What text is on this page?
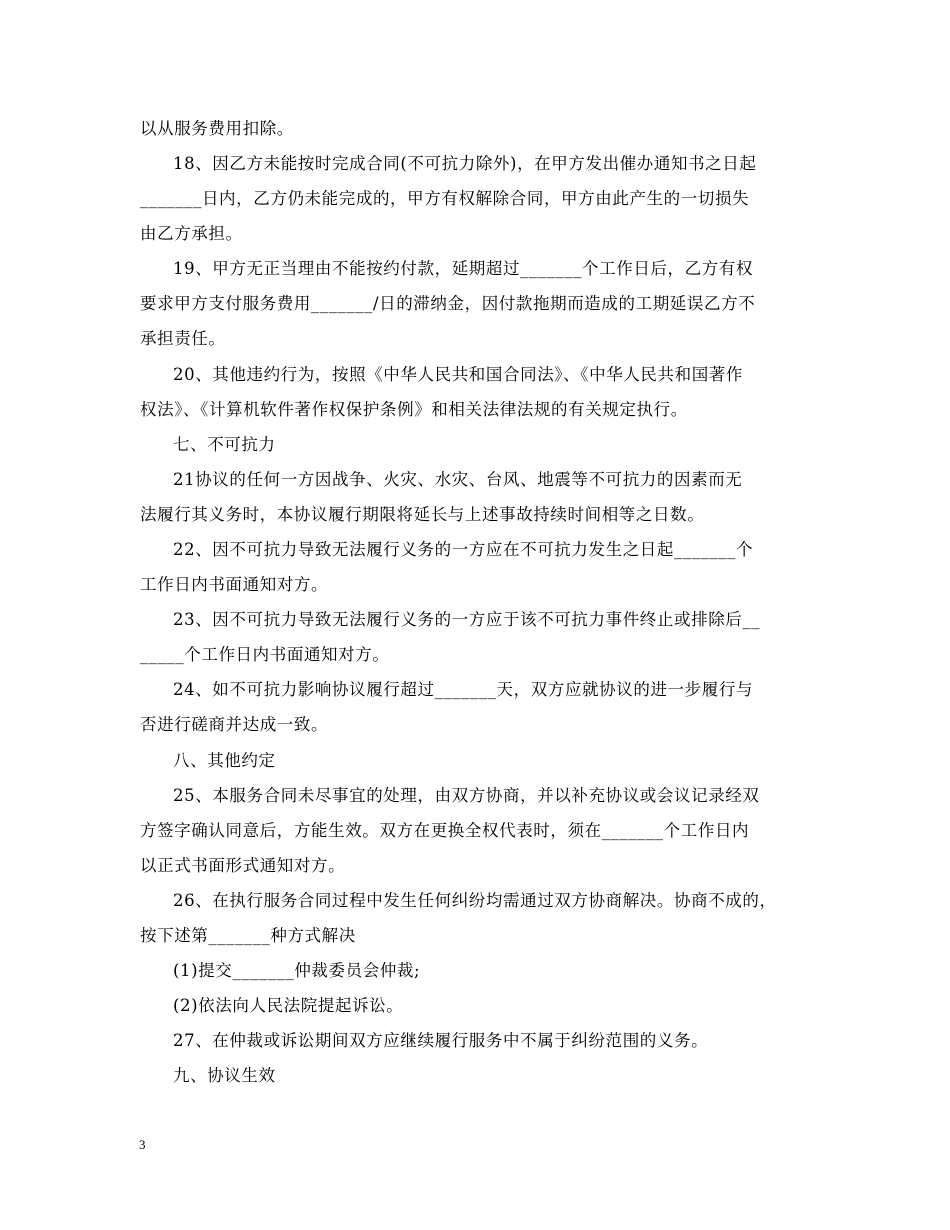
以从服务费用扣除。
18、因乙方未能按时完成合同(不可抗力除外)，在甲方发出催办通知书之日起
_______日内，乙方仍未能完成的，甲方有权解除合同，甲方由此产生的一切损失
由乙方承担。
19、甲方无正当理由不能按约付款，延期超过_______个工作日后，乙方有权
要求甲方支付服务费用_______/日的滞纳金，因付款拖期而造成的工期延误乙方不
承担责任。
20、其他违约行为，按照《中华人民共和国合同法》、《中华人民共和国著作
权法》、《计算机软件著作权保护条例》和相关法律法规的有关规定执行。
七、不可抗力
21协议的任何一方因战争、火灾、水灾、台风、地震等不可抗力的因素而无
法履行其义务时，本协议履行期限将延长与上述事故持续时间相等之日数。
22、因不可抗力导致无法履行义务的一方应在不可抗力发生之日起_______个
工作日内书面通知对方。
23、因不可抗力导致无法履行义务的一方应于该不可抗力事件终止或排除后__
_____个工作日内书面通知对方。
24、如不可抗力影响协议履行超过_______天，双方应就协议的进一步履行与
否进行磋商并达成一致。
八、其他约定
25、本服务合同未尽事宜的处理，由双方协商，并以补充协议或会议记录经双
方签字确认同意后，方能生效。双方在更换全权代表时，须在_______个工作日内
以正式书面形式通知对方。
26、在执行服务合同过程中发生任何纠纷均需通过双方协商解决。协商不成的，
按下述第_______种方式解决
(1)提交_______仲裁委员会仲裁;
(2)依法向人民法院提起诉讼。
27、在仲裁或诉讼期间双方应继续履行服务中不属于纠纷范围的义务。
九、协议生效
3
